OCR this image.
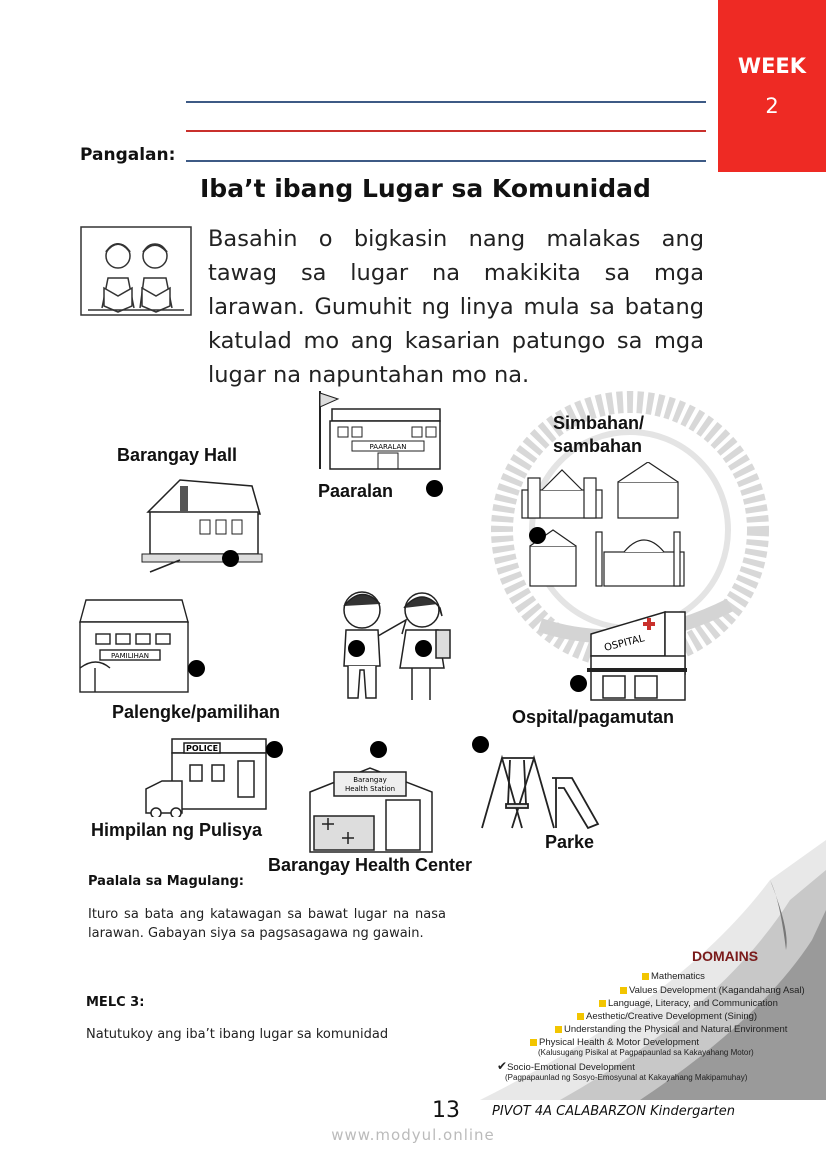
WEEK
2
Pangalan:
Iba’t ibang Lugar sa Komunidad
Basahin o bigkasin nang malakas ang tawag sa lugar na makikita sa mga larawan. Gumuhit ng linya mula sa batang katulad mo ang kasarian patungo sa mga lugar na napuntahan mo na.
Barangay Hall	PAARALAN
Paaralan
Simbahan/
sambahan
PAMILIHAN
Palengke/pamilihan
OSPITAL
Ospital/pagamutan
POLICE
Himpilan ng Pulisya
Barangay
Health Station
Barangay Health Center
Parke
DOMAINS
Mathematics
Values Development (Kagandahang Asal)
Language, Literacy, and Communication
Aesthetic/Creative Development (Sining)
Understanding the Physical and Natural Environment
Physical Health & Motor Development
(Kalusugang Pisikal at Pagpapaunlad sa Kakayahang Motor)
✔Socio-Emotional Development
(Pagpapaunlad ng Sosyo-Emosyunal at Kakayahang Makipamuhay)
Paalala sa Magulang:
Ituro sa bata ang katawagan sa bawat lugar na nasa larawan. Gabayan siya sa pagsasagawa ng gawain.
MELC 3:
Natutukoy ang iba’t ibang lugar sa komunidad
13 PIVOT 4A CALABARZON Kindergarten
www.modyul.online
